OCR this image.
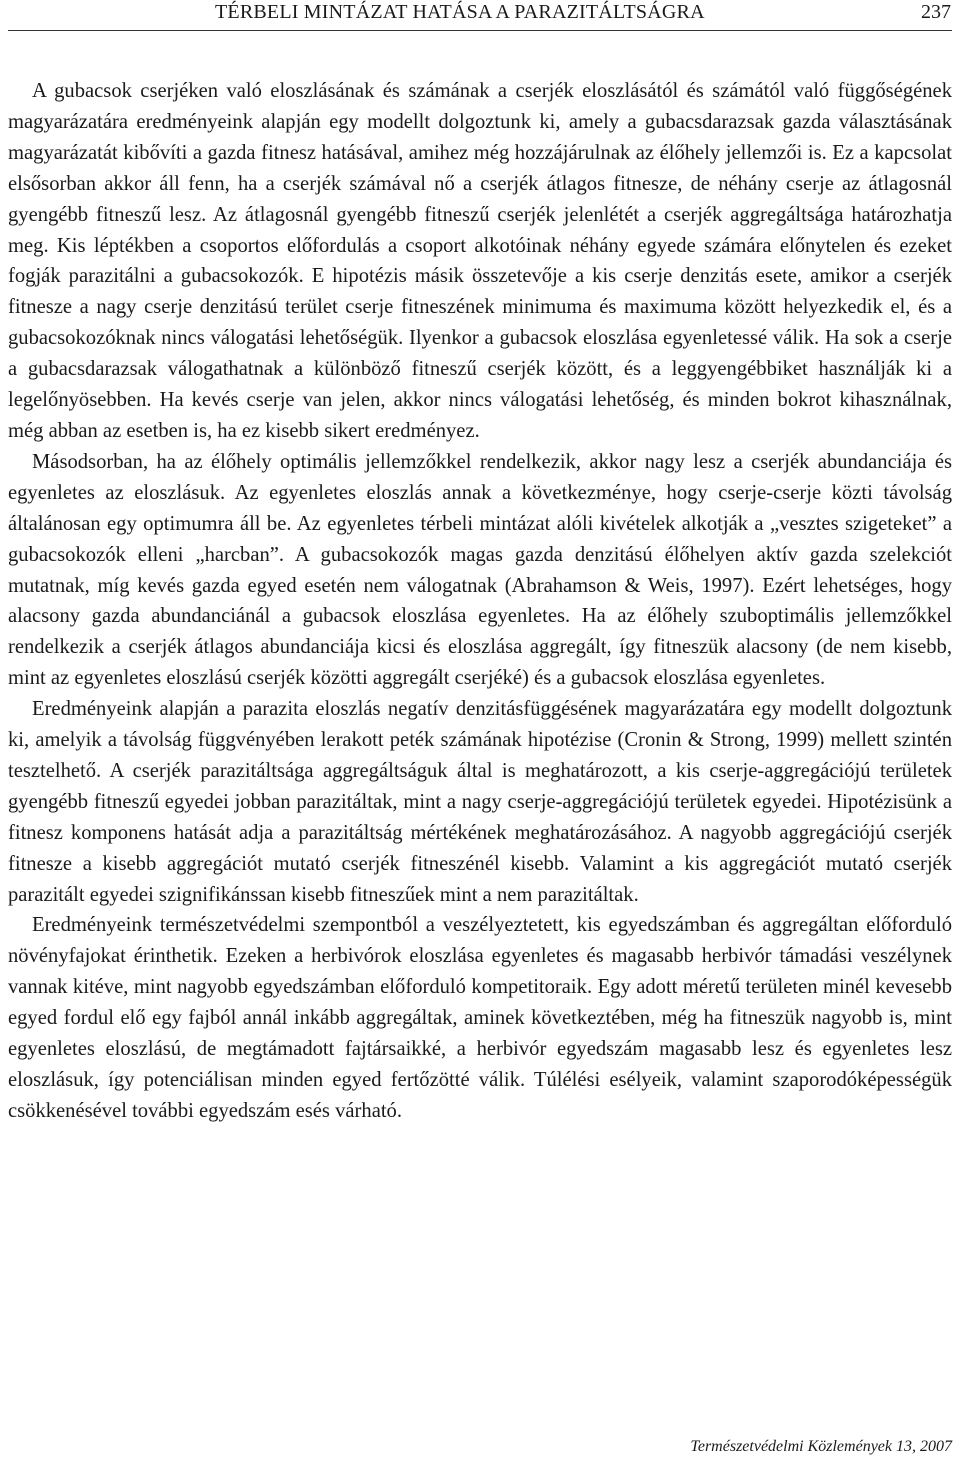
TÉRBELI MINTÁZAT HATÁSA A PARAZITÁLTSÁGRA	237

A gubacsok cserjéken való eloszlásának és számának a cserjék eloszlásától és számától való függőségének magyarázatára eredményeink alapján egy modellt dolgoztunk ki, amely a gubacsdarazsak gazda választásának magyarázatát kibővíti a gazda fitnesz hatásával, amihez még hozzájárulnak az élőhely jellemzői is. Ez a kapcsolat elsősorban akkor áll fenn, ha a cserjék számával nő a cserjék átlagos fitnesze, de néhány cserje az átlagosnál gyengébb fitneszű lesz. Az átlagosnál gyengébb fitneszű cserjék jelenlétét a cserjék aggregáltsága határozhatja meg. Kis léptékben a csoportos előfordulás a csoport alkotóinak néhány egyede számára előnytelen és ezeket fogják parazitálni a gubacsokozók. E hipotézis másik összetevője a kis cserje denzitás esete, amikor a cserjék fitnesze a nagy cserje denzitású terület cserje fitneszének minimuma és maximuma között helyezkedik el, és a gubacsokozóknak nincs válogatási lehetőségük. Ilyenkor a gubacsok eloszlása egyenletessé válik. Ha sok a cserje a gubacsdarazsak válogathatnak a különböző fitneszű cserjék között, és a leggyengébbiket használják ki a legelőnyösebben. Ha kevés cserje van jelen, akkor nincs válogatási lehetőség, és minden bokrot kihasználnak, még abban az esetben is, ha ez kisebb sikert eredményez.

Másodsorban, ha az élőhely optimális jellemzőkkel rendelkezik, akkor nagy lesz a cserjék abundanciája és egyenletes az eloszlásuk. Az egyenletes eloszlás annak a következménye, hogy cserje-cserje közti távolság általánosan egy optimumra áll be. Az egyenletes térbeli mintázat alóli kivételek alkotják a „vesztes szigeteket” a gubacsokozók elleni „harcban”. A gubacsokozók magas gazda denzitású élőhelyen aktív gazda szelekciót mutatnak, míg kevés gazda egyed esetén nem válogatnak (Abrahamson & Weis, 1997). Ezért lehetséges, hogy alacsony gazda abundanciánál a gubacsok eloszlása egyenletes. Ha az élőhely szuboptimális jellemzőkkel rendelkezik a cserjék átlagos abundanciája kicsi és eloszlása aggregált, így fitneszük alacsony (de nem kisebb, mint az egyenletes eloszlású cserjék közötti aggregált cserjéké) és a gubacsok eloszlása egyenletes.

Eredményeink alapján a parazita eloszlás negatív denzitásfüggésének magyarázatára egy modellt dolgoztunk ki, amelyik a távolság függvényében lerakott peték számának hipotézise (Cronin & Strong, 1999) mellett szintén tesztelhető. A cserjék parazitáltsága aggregáltságuk által is meghatározott, a kis cserje-aggregációjú területek gyengébb fitneszű egyedei jobban parazitáltak, mint a nagy cserje-aggregációjú területek egyedei. Hipotézisünk a fitnesz komponens hatását adja a parazitáltság mértékének meghatározásához. A nagyobb aggregációjú cserjék fitnesze a kisebb aggregációt mutató cserjék fitneszénél kisebb. Valamint a kis aggregációt mutató cserjék parazitált egyedei szignifikánssan kisebb fitneszűek mint a nem parazitáltak.

Eredményeink természetvédelmi szempontból a veszélyeztetett, kis egyedszámban és aggregáltan előforduló növényfajokat érinthetik. Ezeken a herbivórok eloszlása egyenletes és magasabb herbivór támadási veszélynek vannak kitéve, mint nagyobb egyedszámban előforduló kompetitoraik. Egy adott méretű területen minél kevesebb egyed fordul elő egy fajból annál inkább aggregáltak, aminek következtében, még ha fitneszük nagyobb is, mint egyenletes eloszlású, de megtámadott fajtársaikké, a herbivór egyedszám magasabb lesz és egyenletes lesz eloszlásuk, így potenciálisan minden egyed fertőzötté válik. Túlélési esélyeik, valamint szaporodóképességük csökkenésével további egyedszám esés várható.

Természetvédelmi Közlemények 13, 2007
